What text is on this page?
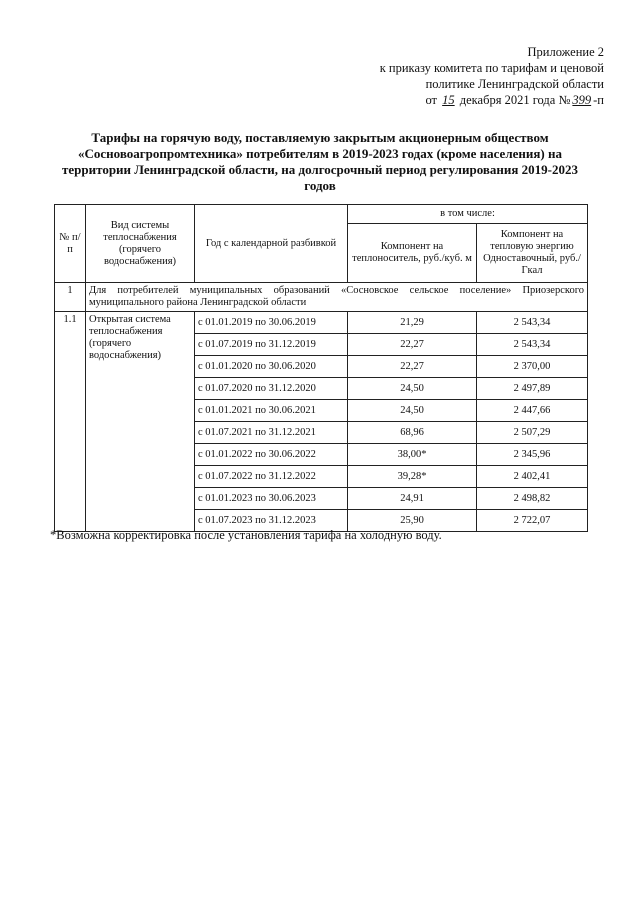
Приложение 2
к приказу комитета по тарифам и ценовой
политике Ленинградской области
от 15 декабря 2021 года № 399 -п
Тарифы на горячую воду, поставляемую закрытым акционерным обществом «Сосновоагропромтехника» потребителям в 2019-2023 годах (кроме населения) на территории Ленинградской области, на долгосрочный период регулирования 2019-2023 годов
№ п/п	Вид системы теплоснабжения (горячего водоснабжения)	Год с календарной разбивкой	в том числе:	
			Компонент на теплоноситель, руб./куб. м	Компонент на тепловую энергию Одноставочный, руб./Гкал
1	Для потребителей муниципальных образований «Сосновское сельское поселение» Приозерского муниципального района Ленинградской области			
1.1	Открытая система теплоснабжения (горячего водоснабжения)	с 01.01.2019 по 30.06.2019	21,29	2 543,34
		с 01.07.2019 по 31.12.2019	22,27	2 543,34
		с 01.01.2020 по 30.06.2020	22,27	2 370,00
		с 01.07.2020 по 31.12.2020	24,50	2 497,89
		с 01.01.2021 по 30.06.2021	24,50	2 447,66
		с 01.07.2021 по 31.12.2021	68,96	2 507,29
		с 01.01.2022 по 30.06.2022	38,00*	2 345,96
		с 01.07.2022 по 31.12.2022	39,28*	2 402,41
		с 01.01.2023 по 30.06.2023	24,91	2 498,82
		с 01.07.2023 по 31.12.2023	25,90	2 722,07
*Возможна корректировка после установления тарифа на холодную воду.
